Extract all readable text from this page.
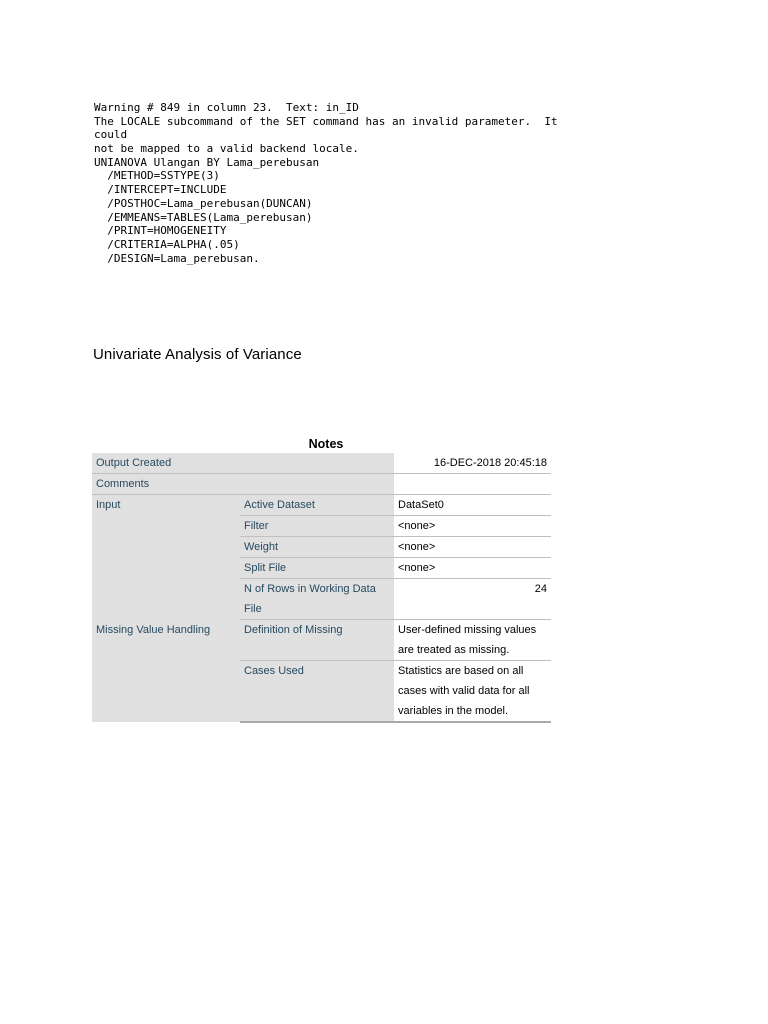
Warning # 849 in column 23.  Text: in_ID
The LOCALE subcommand of the SET command has an invalid parameter.  It
could
not be mapped to a valid backend locale.
UNIANOVA Ulangan BY Lama_perebusan
/METHOD=SSTYPE(3)
/INTERCEPT=INCLUDE
/POSTHOC=Lama_perebusan(DUNCAN)
/EMMEANS=TABLES(Lama_perebusan)
/PRINT=HOMOGENEITY
/CRITERIA=ALPHA(.05)
/DESIGN=Lama_perebusan.
Univariate Analysis of Variance
Notes
Output Created		16-DEC-2018 20:45:18
Comments		
Input	Active Dataset	DataSet0
	Filter	<none>
	Weight	<none>
	Split File	<none>
	N of Rows in Working Data File	24
Missing Value Handling	Definition of Missing	User-defined missing values are treated as missing.
	Cases Used	Statistics are based on all cases with valid data for all variables in the model.
